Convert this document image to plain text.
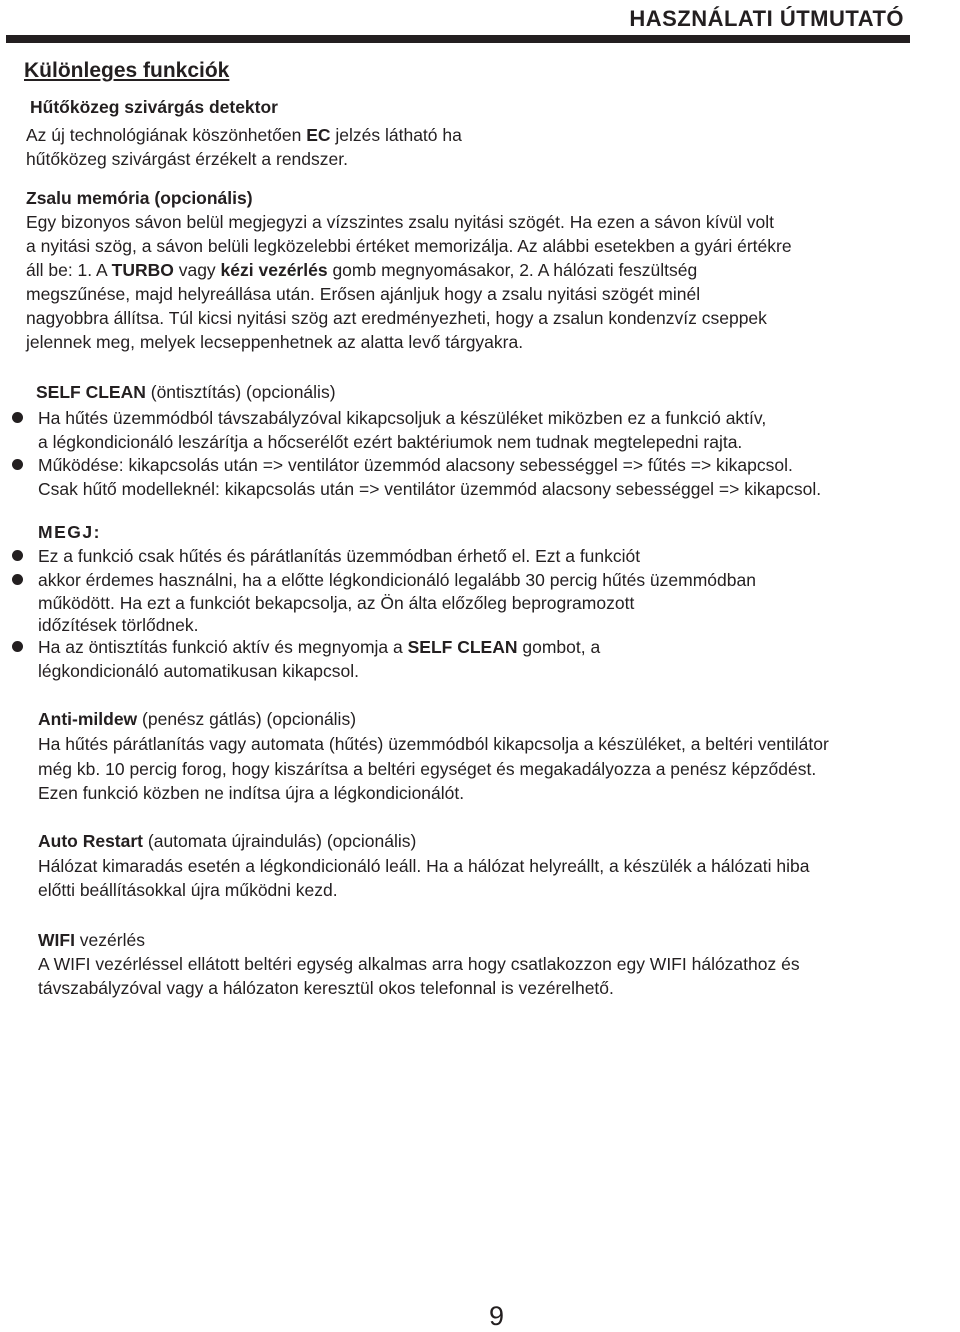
HASZNÁLATI ÚTMUTATÓ
Különleges funkciók
Hűtőközeg szivárgás detektor
Az új technológiának köszönhetően EC jelzés látható ha
hűtőközeg szivárgást érzékelt a rendszer.
Zsalu memória (opcionális)
Egy bizonyos sávon belül megjegyzi a vízszintes zsalu nyitási szögét. Ha ezen a sávon kívül volt
a nyitási szög, a sávon belüli legközelebbi értéket memorizálja. Az alábbi esetekben a gyári értékre
áll be: 1. A TURBO vagy kézi vezérlés gomb megnyomásakor, 2. A hálózati feszültség
megszűnése, majd helyreállása után. Erősen ajánljuk hogy a zsalu nyitási szögét minél
nagyobbra állítsa. Túl kicsi nyitási szög azt eredményezheti, hogy a zsalun kondenzvíz cseppek
jelennek meg, melyek lecseppenhetnek az alatta levő tárgyakra.
SELF CLEAN (öntisztítás) (opcionális)
Ha hűtés üzemmódból távszabályzóval kikapcsoljuk a készüléket miközben ez a funkció aktív,
a légkondicionáló leszárítja a hőcserélőt ezért baktériumok nem tudnak megtelepedni rajta.
Működése: kikapcsolás után => ventilátor üzemmód alacsony sebességgel => fűtés => kikapcsol.
Csak hűtő modelleknél: kikapcsolás után => ventilátor üzemmód alacsony sebességgel => kikapcsol.
MEGJ:
Ez a funkció csak hűtés és párátlanítás üzemmódban érhető el. Ezt a funkciót
akkor érdemes használni, ha a előtte légkondicionáló legalább 30 percig hűtés üzemmódban
működött. Ha ezt a funkciót bekapcsolja, az Ön álta előzőleg beprogramozott
időzítések törlődnek.
Ha az öntisztítás funkció aktív és megnyomja a SELF CLEAN gombot, a
légkondicionáló automatikusan kikapcsol.
Anti-mildew (penész gátlás) (opcionális)
Ha hűtés párátlanítás vagy automata (hűtés) üzemmódból kikapcsolja a készüléket, a beltéri ventilátor
még kb. 10 percig forog, hogy kiszárítsa a beltéri egységet és megakadályozza a penész képződést.
Ezen funkció közben ne indítsa újra a légkondicionálót.
Auto Restart (automata újraindulás) (opcionális)
Hálózat kimaradás esetén a légkondicionáló leáll. Ha a hálózat helyreállt, a készülék a hálózati hiba
előtti beállításokkal újra működni kezd.
WIFI vezérlés
A WIFI vezérléssel ellátott beltéri egység alkalmas arra hogy csatlakozzon egy WIFI hálózathoz és
távszabályzóval vagy a hálózaton keresztül okos telefonnal is vezérelhető.
9
